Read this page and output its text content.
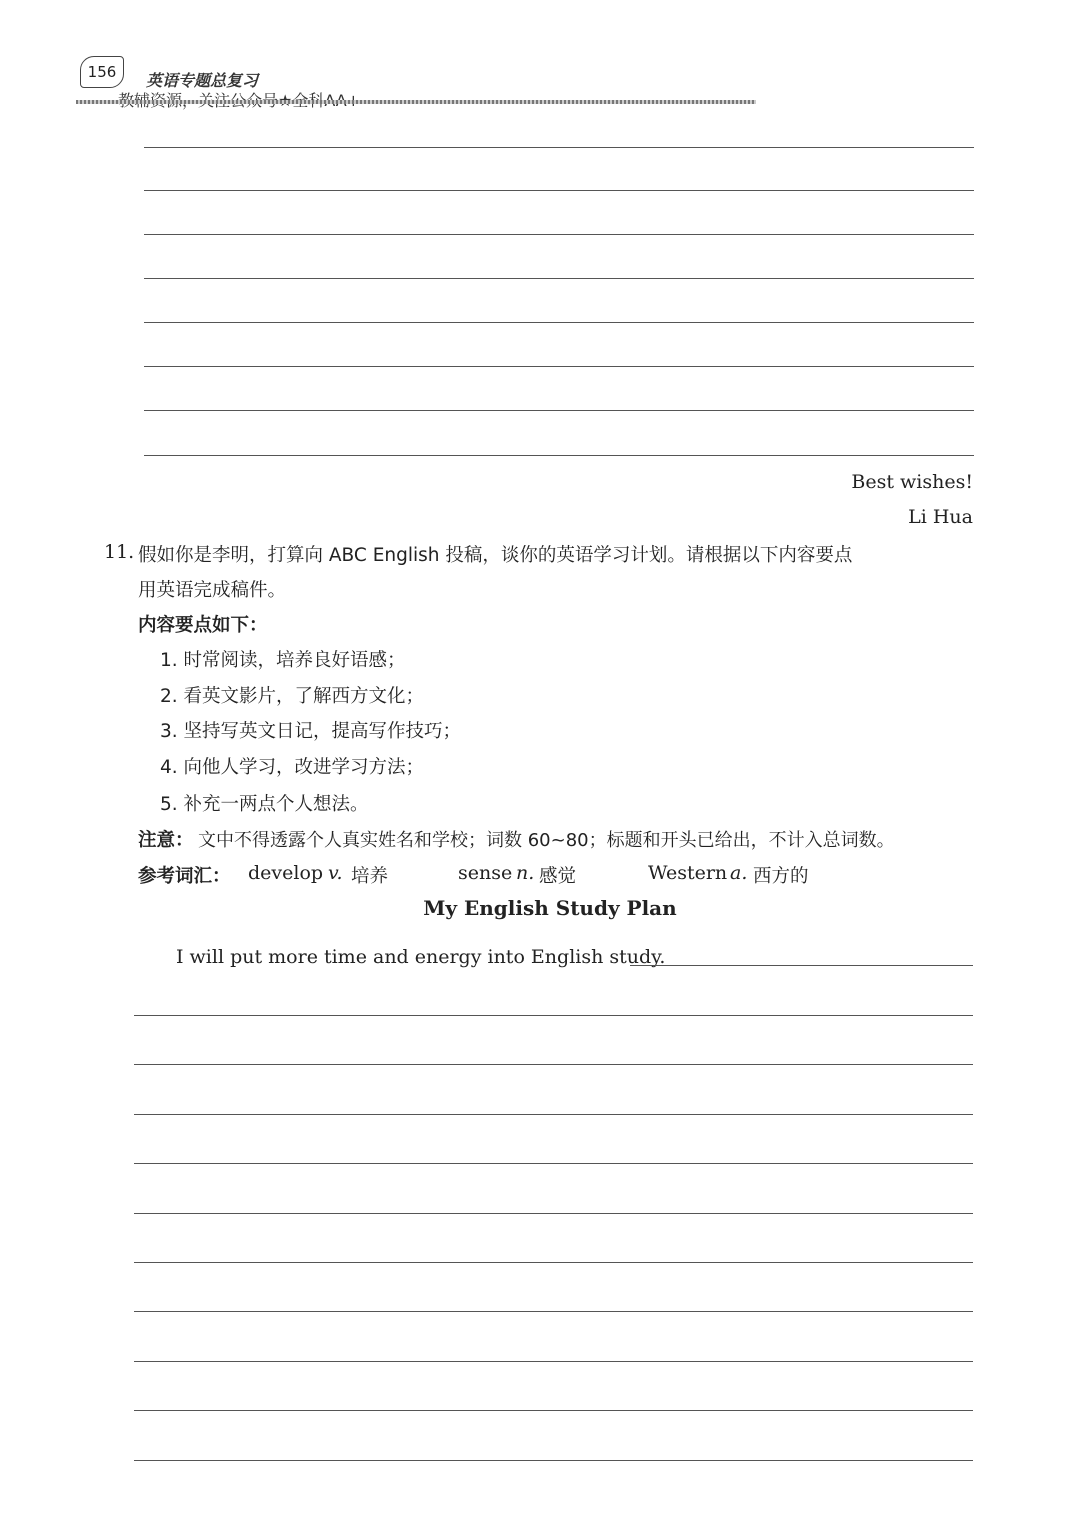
156	英语专题总复习
Best wishes!
Li Hua
11. 假如你是李明，打算向 ABC English 投稿，谈你的英语学习计划。请根据以下内容要点
用英语完成稿件。
内容要点如下：
1. 时常阅读，培养良好语感；
2. 看英文影片，了解西方文化；
3. 坚持写英文日记，提高写作技巧；
4. 向他人学习，改进学习方法；
5. 补充一两点个人想法。
注意： 文中不得透露个人真实姓名和学校；词数 60~80；标题和开头已给出，不计入总词数。
参考词汇： develop v. 培养	sense n. 感觉	Western a. 西方的
My English Study Plan
I will put more time and energy into English study.
